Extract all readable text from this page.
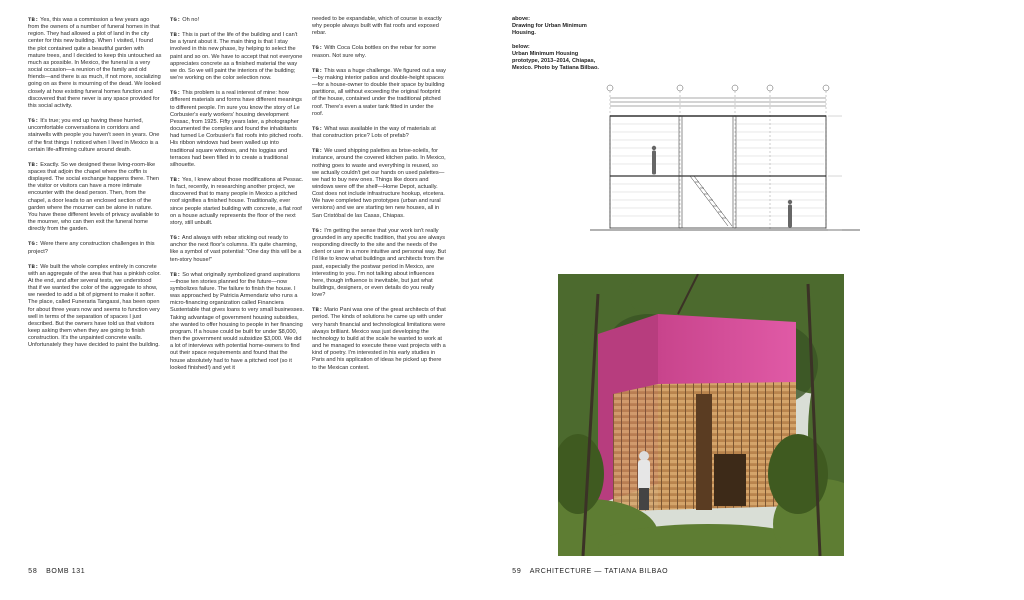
TB: Yes, this was a commission a few years ago from the owners of a number of funeral homes in that region. They had allowed a plot of land in the city center for this new building. When I visited, I found the plot contained quite a beautiful garden with mature trees, and I decided to keep this untouched as much as possible. In Mexico, the funeral is a very social occasion—a reunion of the family and old friends—and there is as much, if not more, socializing going on as there is mourning of the dead. We looked closely at how existing funeral homes function and discovered that there never is any space provided for this social activity.

TG: It's true; you end up having these hurried, uncomfortable conversations in corridors and stairwells with people you haven't seen in years. One of the first things I noticed when I lived in Mexico is a certain life-affirming culture around death.

TB: Exactly. So we designed these living-room-like spaces that adjoin the chapel where the coffin is displayed. The social exchange happens there. Then the visitor or visitors can have a more intimate encounter with the dead person. Then, from the chapel, a door leads to an enclosed section of the garden where the mourner can be alone in nature. You have these different levels of privacy available to the mourner, who can then exit the funeral home directly from the garden.

TG: Were there any construction challenges in this project?

TB: We built the whole complex entirely in concrete with an aggregate of the area that has a pinkish color. At the end, and after several tests, we understood that if we wanted the color of the aggregate to show, we needed to add a bit of pigment to make it softer. The place, called Funeraria Tangassi, has been open for about three years now and seems to function very well in terms of the separation of spaces I just described. But the owners have told us that visitors keep asking them when they are going to finish construction. It's the unpainted concrete walls. Unfortunately they have decided to paint the building.

TG: Oh no!

TB: This is part of the life of the building and I can't be a tyrant about it. The main thing is that I stay involved in this new phase, by helping to select the paint and so on. We have to accept that not everyone appreciates concrete as a finished material the way we do. So we will paint the interiors of the building; we're working on the color selection now.

TG: This problem is a real interest of mine: how different materials and forms have different meanings to different people. I'm sure you know the story of Le Corbusier's early workers' housing development Pessac, from 1925. Fifty years later, a photographer documented the complex and found the inhabitants had turned Le Corbusier's flat roofs into pitched roofs. His ribbon windows had been walled up into traditional square windows, and his loggias and terraces had been filled in to create a traditional silhouette.

TB: Yes, I knew about those modifications at Pessac. In fact, recently, in researching another project, we discovered that to many people in Mexico a pitched roof signifies a finished house. Traditionally, ever since people started building with concrete, a flat roof on a house actually represents the floor of the next story, still unbuilt.

TG: And always with rebar sticking out ready to anchor the next floor's columns. It's quite charming, like a symbol of vast potential: "One day this will be a ten-story house!"

TB: So what originally symbolized grand aspirations—those ten stories planned for the future—now symbolizes failure. The failure to finish the house. I was approached by Patricia Armendariz who runs a micro-financing organization called Financiera Sustentable that gives loans to very small businesses. Taking advantage of government housing subsidies, she wanted to offer housing to people in her financing program. If a house could be built for under $8,000, then the government would subsidize $3,000. We did a lot of interviews with potential home-owners to find out their space requirements and found that the house absolutely had to have a pitched roof (so it looked finished!) and yet it

needed to be expandable, which of course is exactly why people always built with flat roofs and exposed rebar.

TG: With Coca Cola bottles on the rebar for some reason. Not sure why.

TB: This was a huge challenge. We figured out a way—by making interior patios and double-height spaces—for a house-owner to double their space by building partitions, all without exceeding the original footprint of the house, contained under the traditional pitched roof. There's even a water tank fitted in under the roof.

TG: What was available in the way of materials at that construction price? Lots of prefab?

TB: We used shipping palettes as brise-soleils, for instance, around the covered kitchen patio. In Mexico, nothing goes to waste and everything is reused, so we actually couldn't get our hands on used palettes—we had to buy new ones. Things like doors and windows were off the shelf—Home Depot, actually. Cost does not include infrastructure hookup, etcetera. We have completed two prototypes (urban and rural versions) and we are starting ten new houses, all in San Cristóbal de las Casas, Chiapas.

TG: I'm getting the sense that your work isn't really grounded in any specific tradition, that you are always responding directly to the site and the needs of the client or user in a more intuitive and personal way. But I'd like to know what buildings and architects from the past, especially the postwar period in Mexico, are interesting to you. I'm not talking about influences here, though influence is inevitable, but just what buildings, designers, or even details do you really love?

TB: Mario Pani was one of the great architects of that period. The kinds of solutions he came up with under very harsh financial and technological limitations were always brilliant. Mexico was just developing the technology to build at the scale he wanted to work at and he managed to execute these vast projects with a kind of poetry. I'm interested in his early studies in Paris and his application of ideas he picked up there to the Mexican context.

above:
Drawing for Urban Minimum Housing.

below:
Urban Minimum Housing prototype, 2013–2014, Chiapas, Mexico. Photo by Tatiana Bilbao.

58 BOMB 131	59 ARCHITECTURE — TATIANA BILBAO
